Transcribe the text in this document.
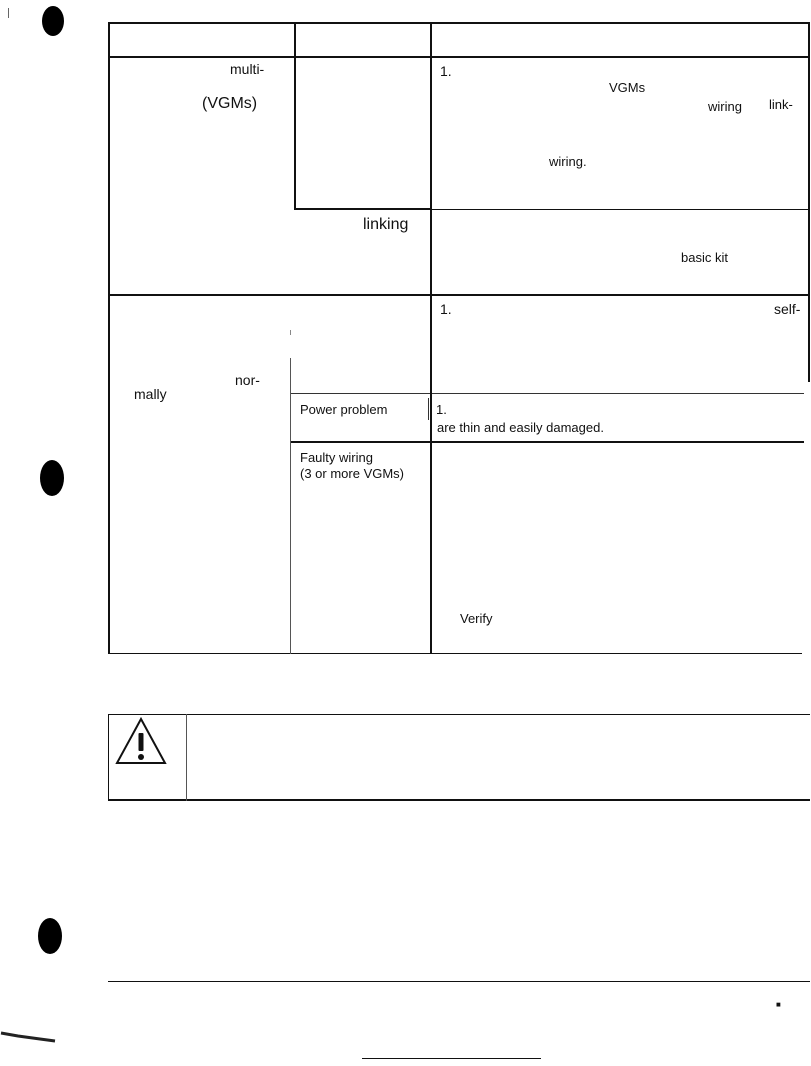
multi-
(VGMs)
1.
VGMs
wiring link-
wiring.
linking
basic kit
1.	self-
nor-
mally
Power problem	1.
are thin and easily damaged.
Faulty wiring
(3 or more VGMs)
Verify
■
